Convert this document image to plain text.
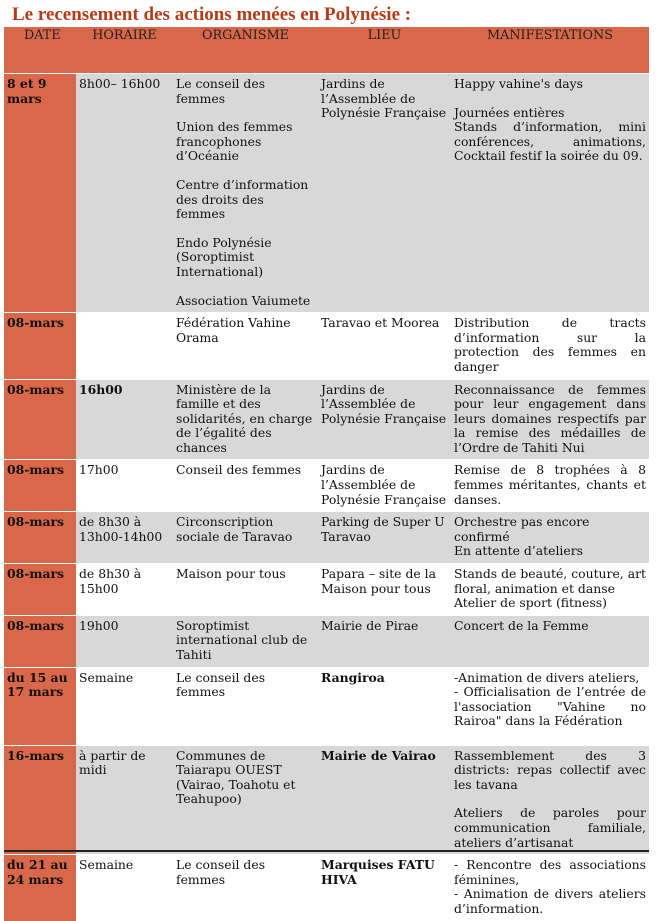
Le recensement des actions menées en Polynésie :
DATE	HORAIRE	ORGANISME	LIEU	MANIFESTATIONS

8 et 9 mars	8h00– 16h00	Le conseil des femmes
Union des femmes francophones d’Océanie
Centre d’information des droits des femmes
Endo Polynésie (Soroptimist International)
Association Vaiumete	Jardins de l’Assemblée de Polynésie Française	Happy vahine's days
Journées entières
Stands d’information, mini conférences, animations, Cocktail festif la soirée du 09.

08-mars		Fédération Vahine Orama	Taravao et Moorea	Distribution de tracts d’information sur la protection des femmes en danger

08-mars	16h00	Ministère de la famille et des solidarités, en charge de l’égalité des chances	Jardins de l’Assemblée de Polynésie Française	Reconnaissance de femmes pour leur engagement dans leurs domaines respectifs par la remise des médailles de l’Ordre de Tahiti Nui

08-mars	17h00	Conseil des femmes	Jardins de l’Assemblée de Polynésie Française	Remise de 8 trophées à 8 femmes méritantes, chants et danses.

08-mars	de 8h30 à 13h00-14h00	Circonscription sociale de Taravao	Parking de Super U Taravao	Orchestre pas encore confirmé
En attente d’ateliers

08-mars	de 8h30 à 15h00	Maison pour tous	Papara – site de la Maison pour tous	Stands de beauté, couture, art floral, animation et danse
Atelier de sport (fitness)

08-mars	19h00	Soroptimist international club de Tahiti	Mairie de Pirae	Concert de la Femme

du 15 au 17 mars	Semaine	Le conseil des femmes	Rangiroa	-Animation de divers ateliers,
- Officialisation de l’entrée de l'association "Vahine no Rairoa" dans la Fédération

16-mars	à partir de midi	Communes de Taiarapu OUEST (Vairao, Toahotu et Teahupoo)	Mairie de Vairao	Rassemblement des 3 districts: repas collectif avec les tavana
Ateliers de paroles pour communication familiale, ateliers d’artisanat

du 21 au 24 mars	Semaine	Le conseil des femmes	Marquises FATU HIVA	- Rencontre des associations féminines,
- Animation de divers ateliers d’information.
